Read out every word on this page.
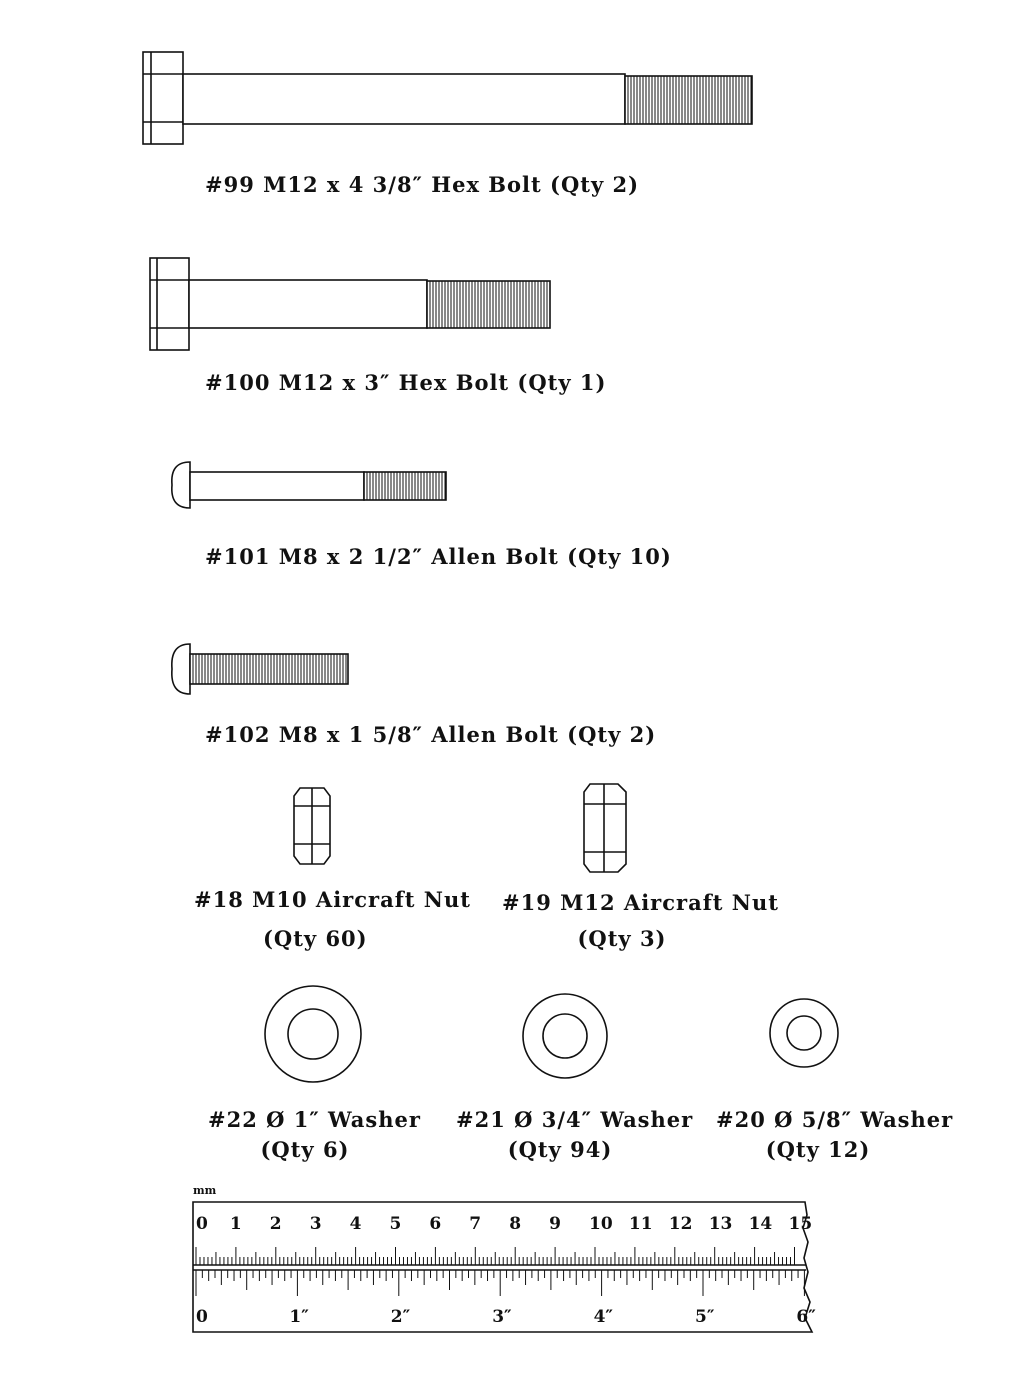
#99 M12 x 4 3/8″ Hex Bolt (Qty 2)
#100 M12 x 3″ Hex Bolt (Qty 1)
#101 M8 x 2 1/2″ Allen Bolt (Qty 10)
#102 M8 x 1 5/8″ Allen Bolt (Qty 2)
#18 M10 Aircraft Nut
(Qty 60)
#19 M12 Aircraft Nut
(Qty 3)
#22 Ø 1″ Washer
(Qty 6)
#21 Ø 3/4″ Washer
(Qty 94)
#20 Ø 5/8″ Washer
(Qty 12)
mm
0 1 2 3 4 5 6 7 8 9 10 11 12 13 14 15
0	1″	2″	3″	4″	5″	6″
